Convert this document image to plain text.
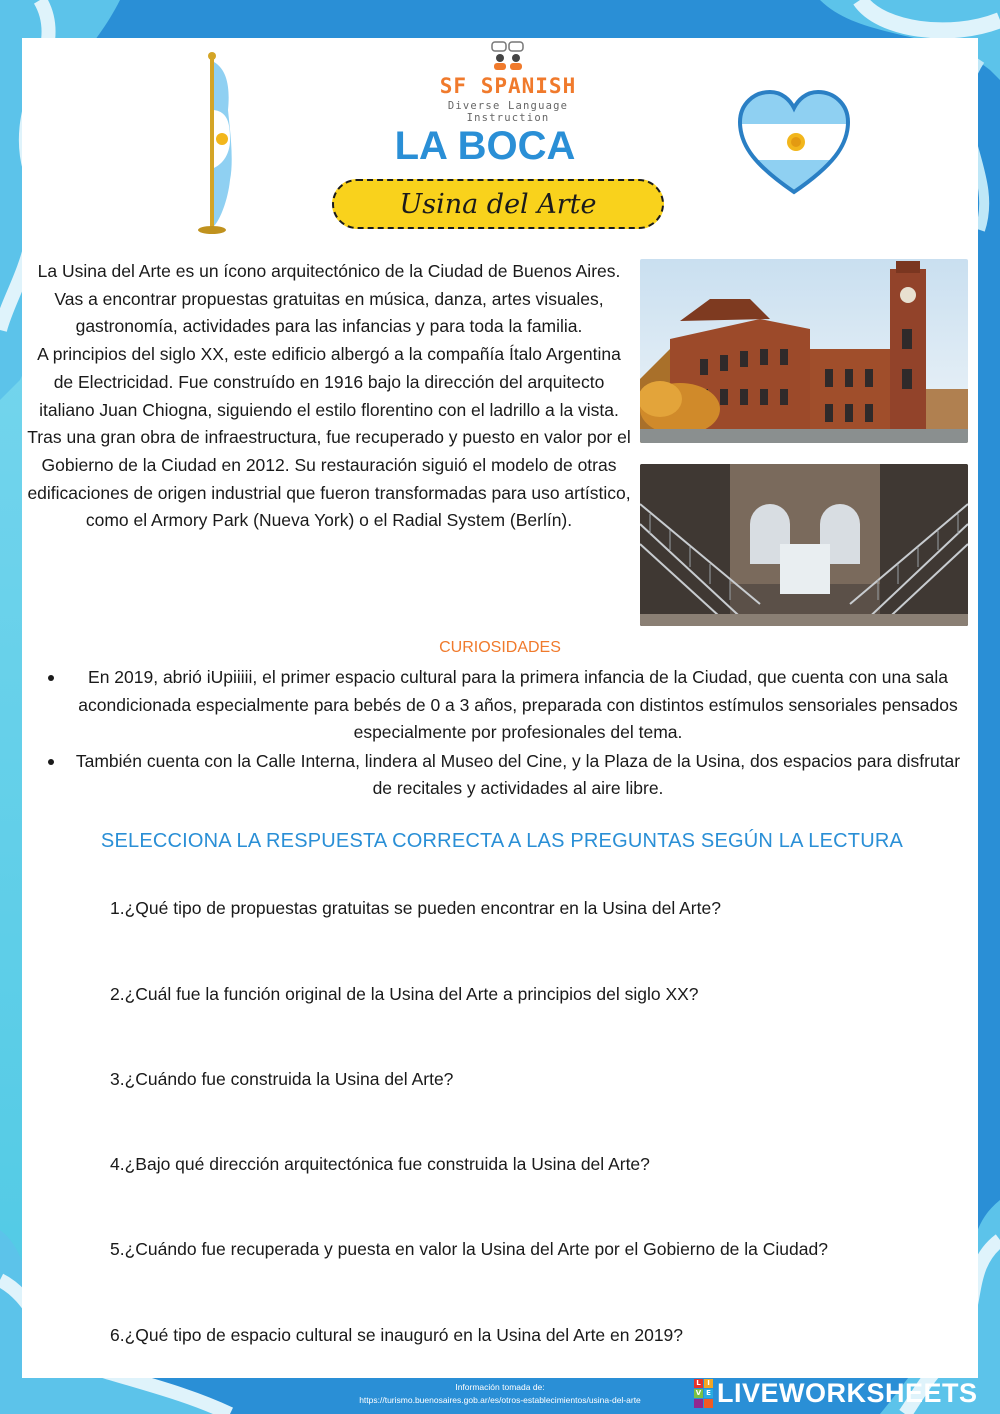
SF SPANISH
Diverse Language Instruction
LA BOCA
Usina del Arte

La Usina del Arte es un ícono arquitectónico de la Ciudad de Buenos Aires. Vas a encontrar propuestas gratuitas en música, danza, artes visuales, gastronomía, actividades para las infancias y para toda la familia.

A principios del siglo XX, este edificio albergó a la compañía Ítalo Argentina de Electricidad. Fue construído en 1916 bajo la dirección del arquitecto italiano Juan Chiogna, siguiendo el estilo florentino con el ladrillo a la vista.

Tras una gran obra de infraestructura, fue recuperado y puesto en valor por el Gobierno de la Ciudad en 2012. Su restauración siguió el modelo de otras edificaciones de origen industrial que fueron transformadas para uso artístico, como el Armory Park (Nueva York) o el Radial System (Berlín).

CURIOSIDADES
En 2019, abrió iUpiiiii, el primer espacio cultural para la primera infancia de la Ciudad, que cuenta con una sala acondicionada especialmente para bebés de 0 a 3 años, preparada con distintos estímulos sensoriales pensados especialmente por profesionales del tema.
También cuenta con la Calle Interna, lindera al Museo del Cine, y la Plaza de la Usina, dos espacios para disfrutar de recitales y actividades al aire libre.
SELECCIONA LA RESPUESTA CORRECTA A LAS PREGUNTAS SEGÚN LA LECTURA
1.¿Qué tipo de propuestas gratuitas se pueden encontrar en la Usina del Arte?
2.¿Cuál fue la función original de la Usina del Arte a principios del siglo XX?
3.¿Cuándo fue construida la Usina del Arte?
4.¿Bajo qué dirección arquitectónica fue construida la Usina del Arte?
5.¿Cuándo fue recuperada y puesta en valor la Usina del Arte por el Gobierno de la Ciudad?
6.¿Qué tipo de espacio cultural se inauguró en la Usina del Arte en 2019?
Información tomada de:
https://turismo.buenosaires.gob.ar/es/otros-establecimientos/usina-del-arte
L I
V E LIVEWORKSHEETS
